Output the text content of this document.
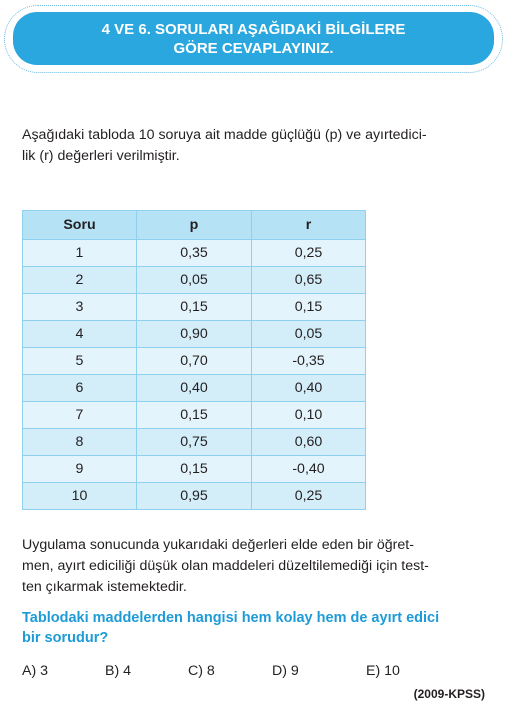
4 VE 6. SORULARI AŞAĞIDAKİ BİLGİLERE
GÖRE CEVAPLAYINIZ.
Aşağıdaki tabloda 10 soruya ait madde güçlüğü (p) ve ayırtedici-
lik (r) değerleri verilmiştir.
Soru	p	r
1	0,35	0,25
2	0,05	0,65
3	0,15	0,15
4	0,90	0,05
5	0,70	-0,35
6	0,40	0,40
7	0,15	0,10
8	0,75	0,60
9	0,15	-0,40
10	0,95	0,25
Uygulama sonucunda yukarıdaki değerleri elde eden bir öğret-
men, ayırt ediciliği düşük olan maddeleri düzeltilemediği için test-
ten çıkarmak istemektedir.
Tablodaki maddelerden hangisi hem kolay hem de ayırt edici
bir sorudur?
A) 3	B) 4	C) 8	D) 9	E) 10
(2009-KPSS)
